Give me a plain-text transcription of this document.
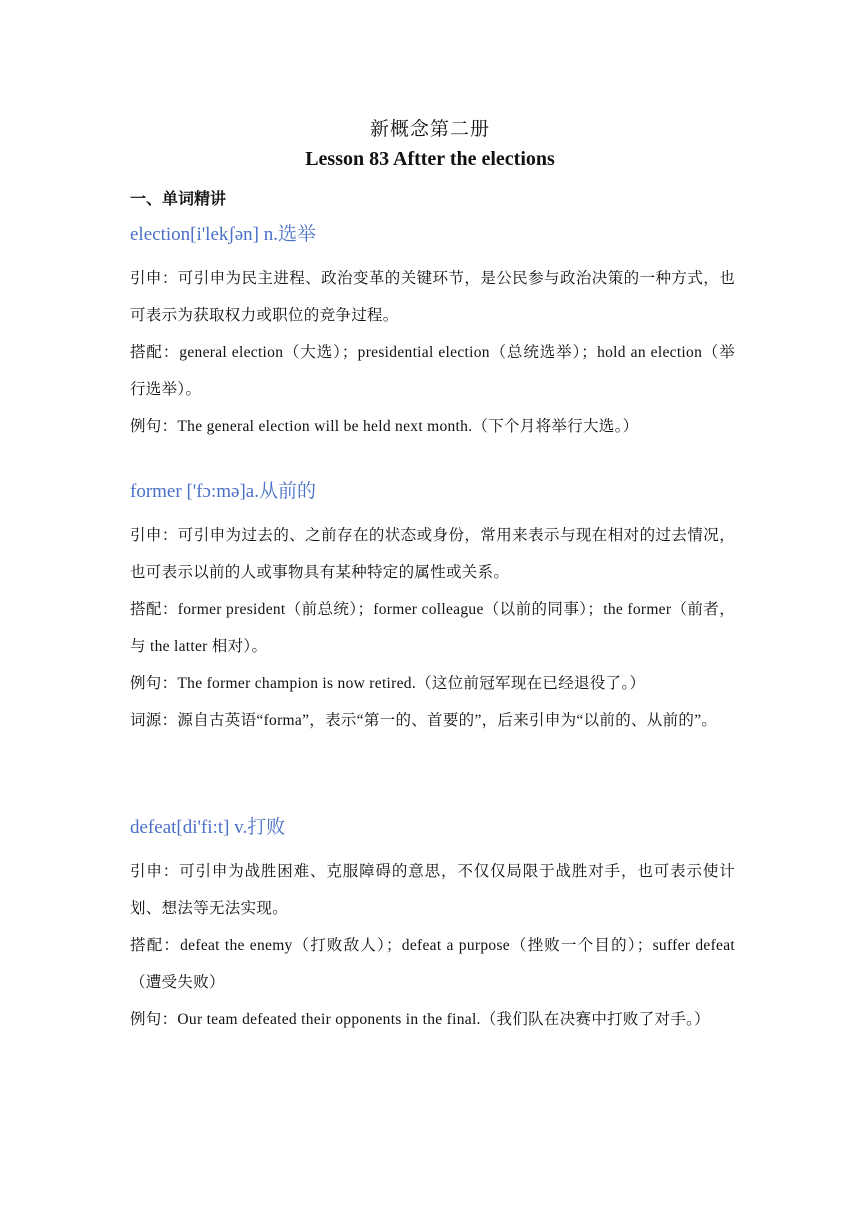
新概念第二册
Lesson 83 Aftter the elections
一、单词精讲

election[i'lekʃən] n.选举

引申：可引申为民主进程、政治变革的关键环节，是公民参与政治决策的一种方式，也可表示为获取权力或职位的竞争过程。

搭配：general election（大选）；presidential election（总统选举）；hold an election（举行选举）。

例句：The general election will be held next month.（下个月将举行大选。）

former ['fɔ:mə]a.从前的

引申：可引申为过去的、之前存在的状态或身份，常用来表示与现在相对的过去情况，也可表示以前的人或事物具有某种特定的属性或关系。

搭配：former president（前总统）；former colleague（以前的同事）；the former（前者，与 the latter 相对）。

例句：The former champion is now retired.（这位前冠军现在已经退役了。）

词源：源自古英语“forma”，表示“第一的、首要的”，后来引申为“以前的、从前的”。

defeat[di'fi:t] v.打败

引申：可引申为战胜困难、克服障碍的意思，不仅仅局限于战胜对手，也可表示使计划、想法等无法实现。

搭配：defeat the enemy（打败敌人）；defeat a purpose（挫败一个目的）；suffer defeat（遭受失败）

例句：Our team defeated their opponents in the final.（我们队在决赛中打败了对手。）
